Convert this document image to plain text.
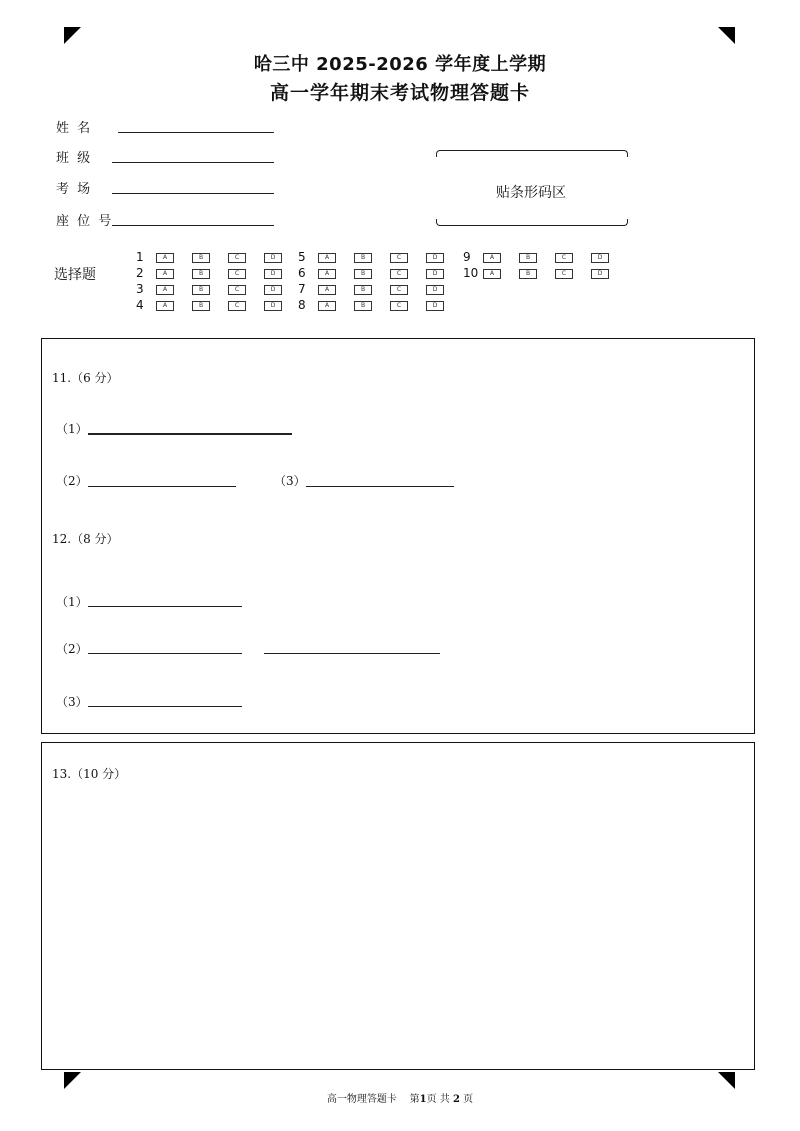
哈三中 2025-2026 学年度上学期
高一学年期末考试物理答题卡
姓 名
班 级
考 场
座 位 号
贴条形码区
选择题
1	A	B	C	D
2	A	B	C	D
3	A	B	C	D
4	A	B	C	D
5	A	B	C	D
6	A	B	C	D
7	A	B	C	D
8	A	B	C	D
9	A	B	C	D
10	A	B	C	D
11.（6 分）
（1）
（2）	（3）
12.（8 分）
（1）
（2）
（3）
13.（10 分）
高一物理答题卡 第1页 共 2 页
